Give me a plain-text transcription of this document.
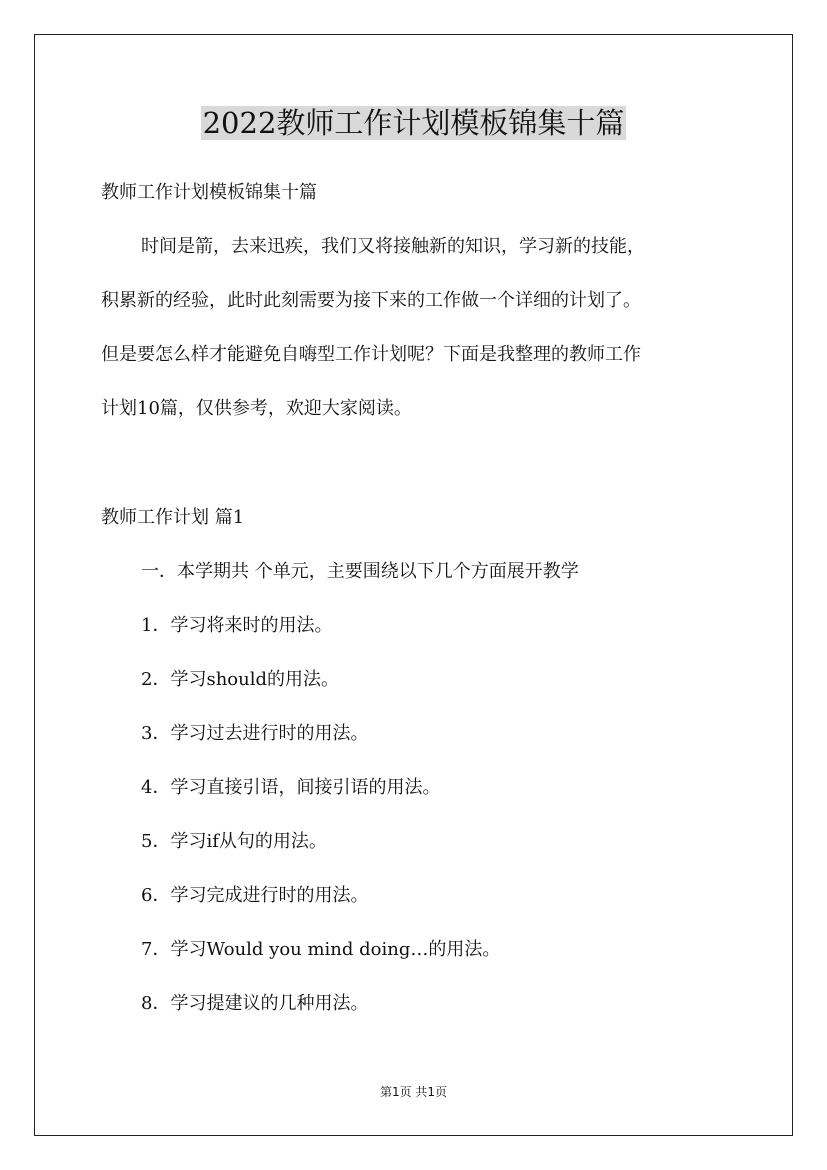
2022教师工作计划模板锦集十篇

教师工作计划模板锦集十篇

时间是箭，去来迅疾，我们又将接触新的知识，学习新的技能，

积累新的经验，此时此刻需要为接下来的工作做一个详细的计划了。

但是要怎么样才能避免自嗨型工作计划呢？下面是我整理的教师工作

计划10篇，仅供参考，欢迎大家阅读。

教师工作计划 篇1

一．本学期共 个单元，主要围绕以下几个方面展开教学

1．学习将来时的用法。

2．学习should的用法。

3．学习过去进行时的用法。

4．学习直接引语，间接引语的用法。

5．学习if从句的用法。

6．学习完成进行时的用法。

7．学习Would you mind doing…的用法。

8．学习提建议的几种用法。

第1页 共1页
